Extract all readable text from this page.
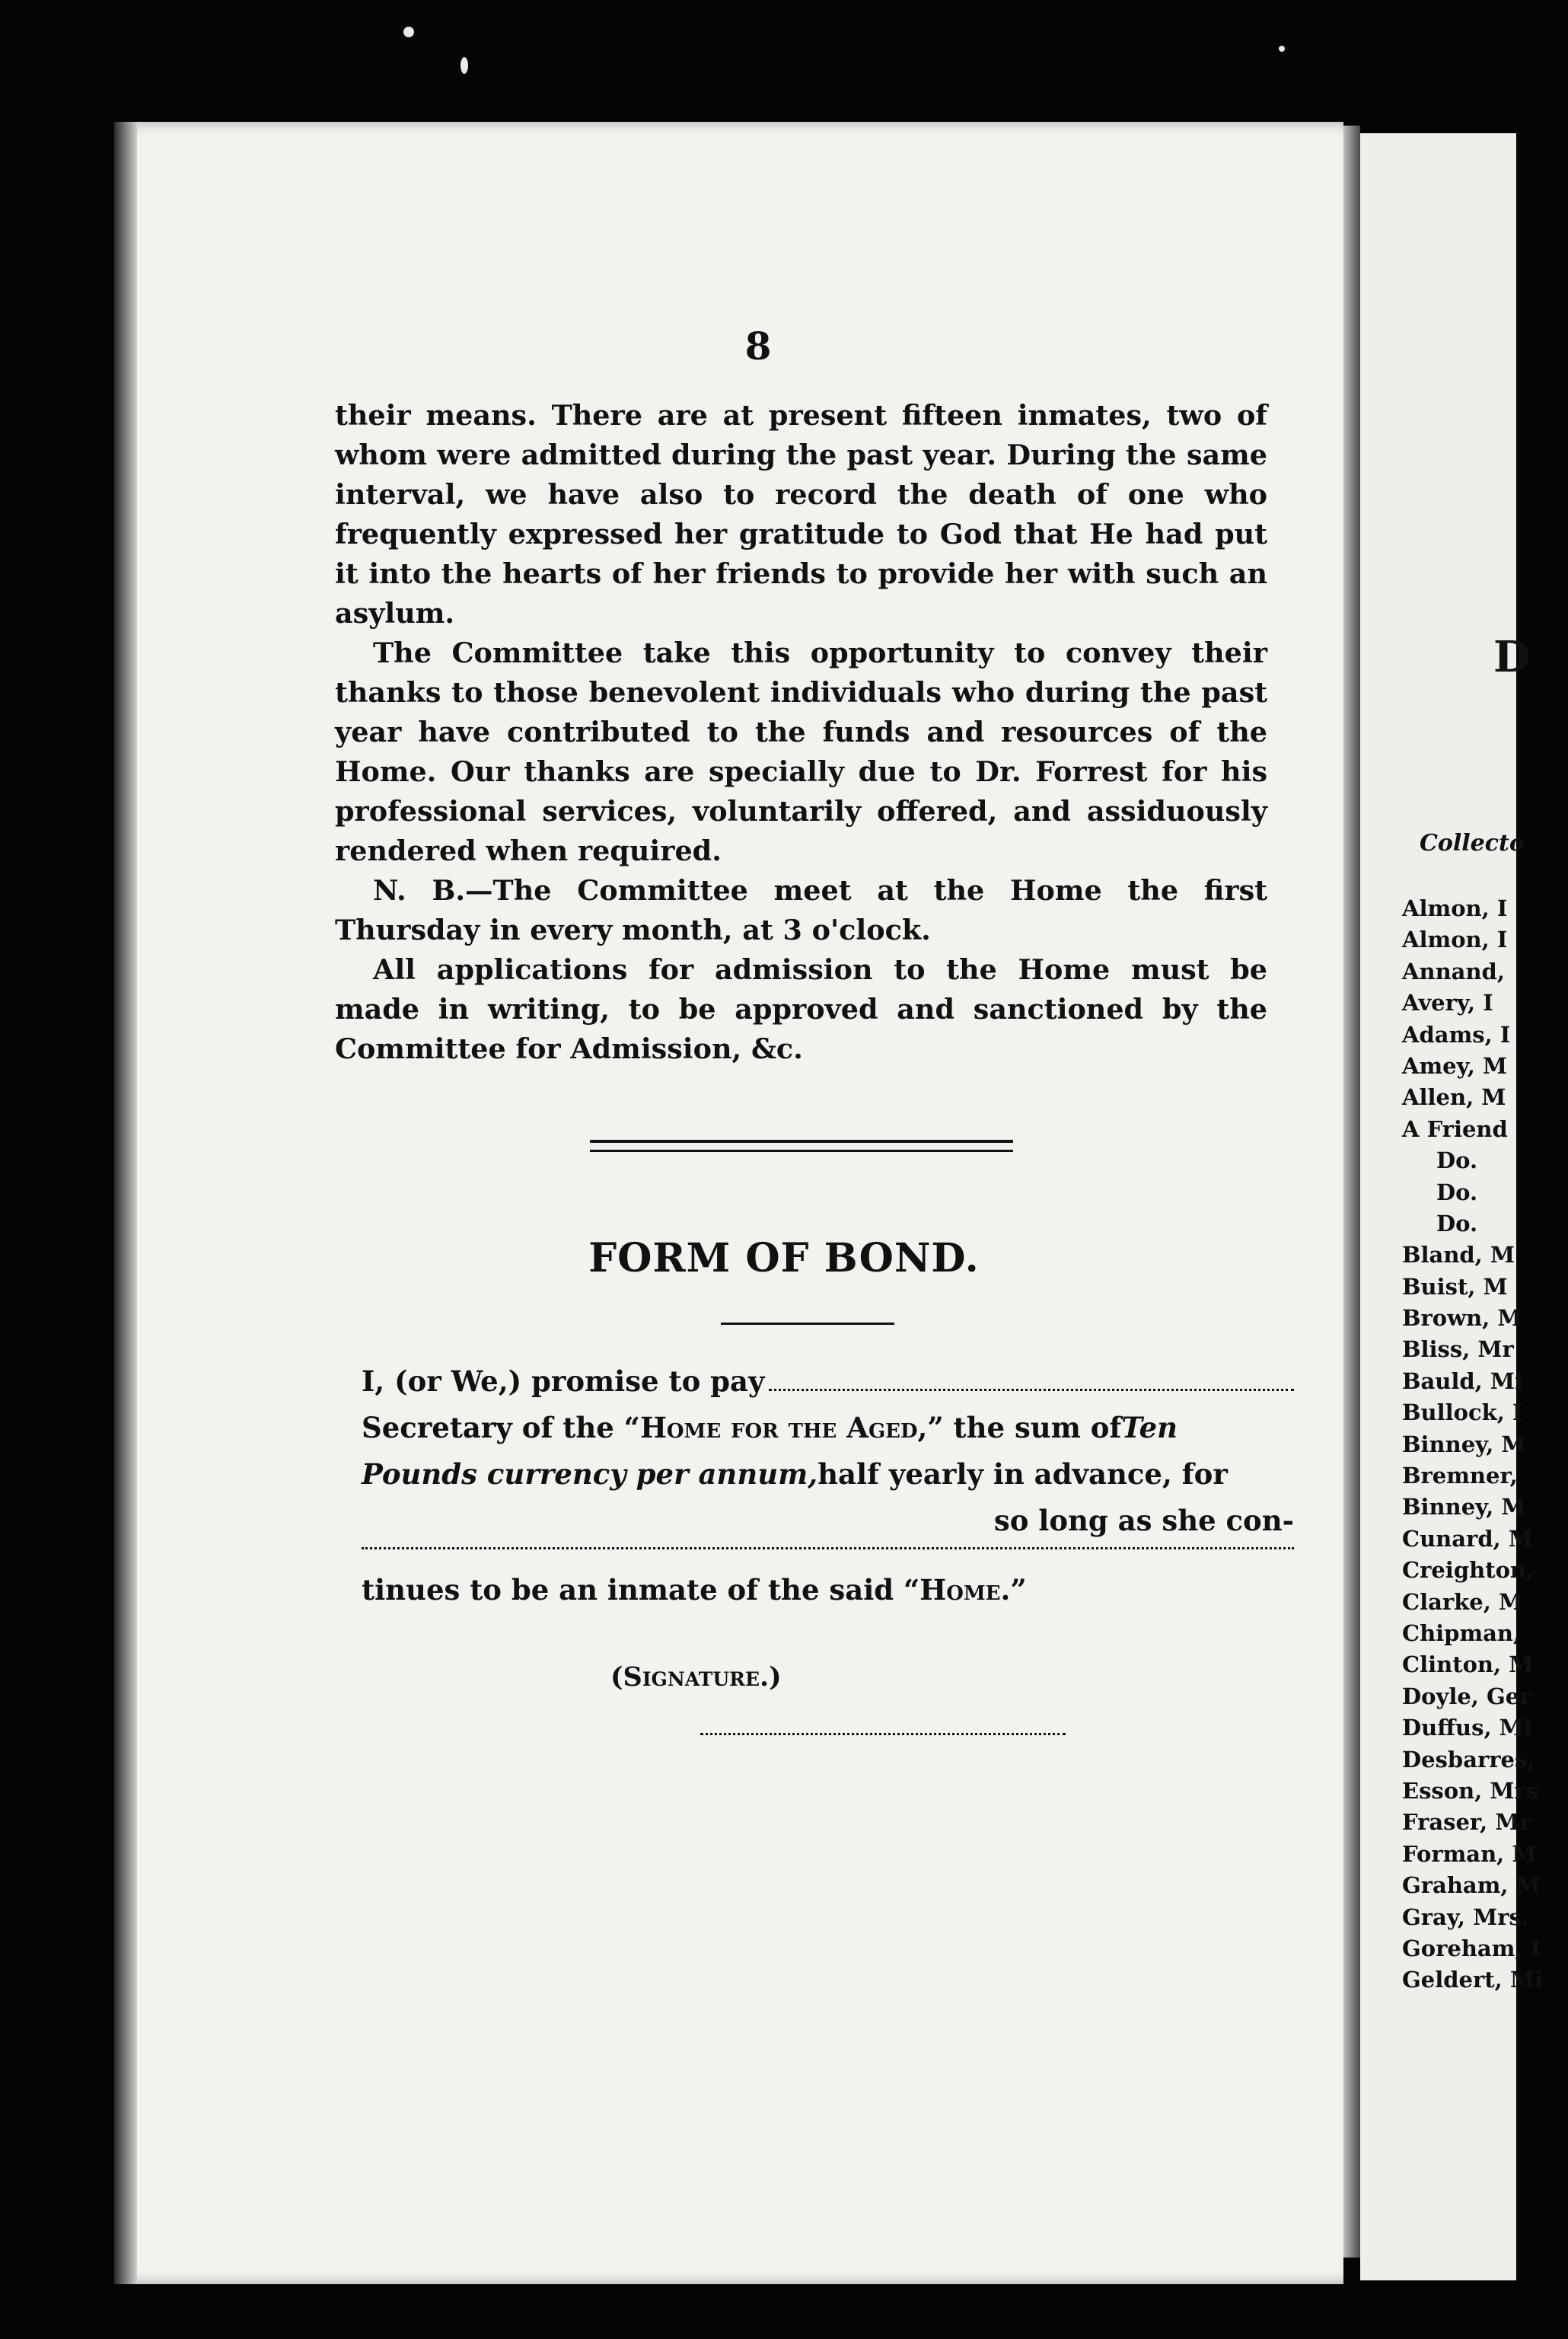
D
Collecto
Almon, I
Almon, I
Annand,
Avery, I
Adams, I
Amey, M
Allen, M
A Friend
Do.
Do.
Do.
Bland, M
Buist, M
Brown, M
Bliss, Mr
Bauld, Mi
Bullock, I
Binney, M
Bremner,
Binney, M
Cunard, M
Creighton,
Clarke, M
Chipman,
Clinton, M
Doyle, Ger
Duffus, Mi
Desbarres,
Esson, Mrs
Fraser, Mr
Forman, M
Graham, M
Gray, Mrs.
Goreham, I
Geldert, Mi
8

their means. There are at present fifteen inmates, two of whom were admitted during the past year. During the same interval, we have also to record the death of one who frequently expressed her gratitude to God that He had put it into the hearts of her friends to provide her with such an asylum.

The Committee take this opportunity to convey their thanks to those benevolent individuals who during the past year have contributed to the funds and resources of the Home. Our thanks are specially due to Dr. Forrest for his professional services, voluntarily offered, and assiduously rendered when required.

N. B.—The Committee meet at the Home the first Thursday in every month, at 3 o'clock.

All applications for admission to the Home must be made in writing, to be approved and sanctioned by the Committee for Admission, &c.

FORM OF BOND.
I, (or We,) promise to pay
Secretary of the “ Home for the Aged, ” the sum of Ten
Pounds currency per annum, half yearly in advance, for
so long as she con-
tinues to be an inmate of the said “ Home. ”
(Signature.)
